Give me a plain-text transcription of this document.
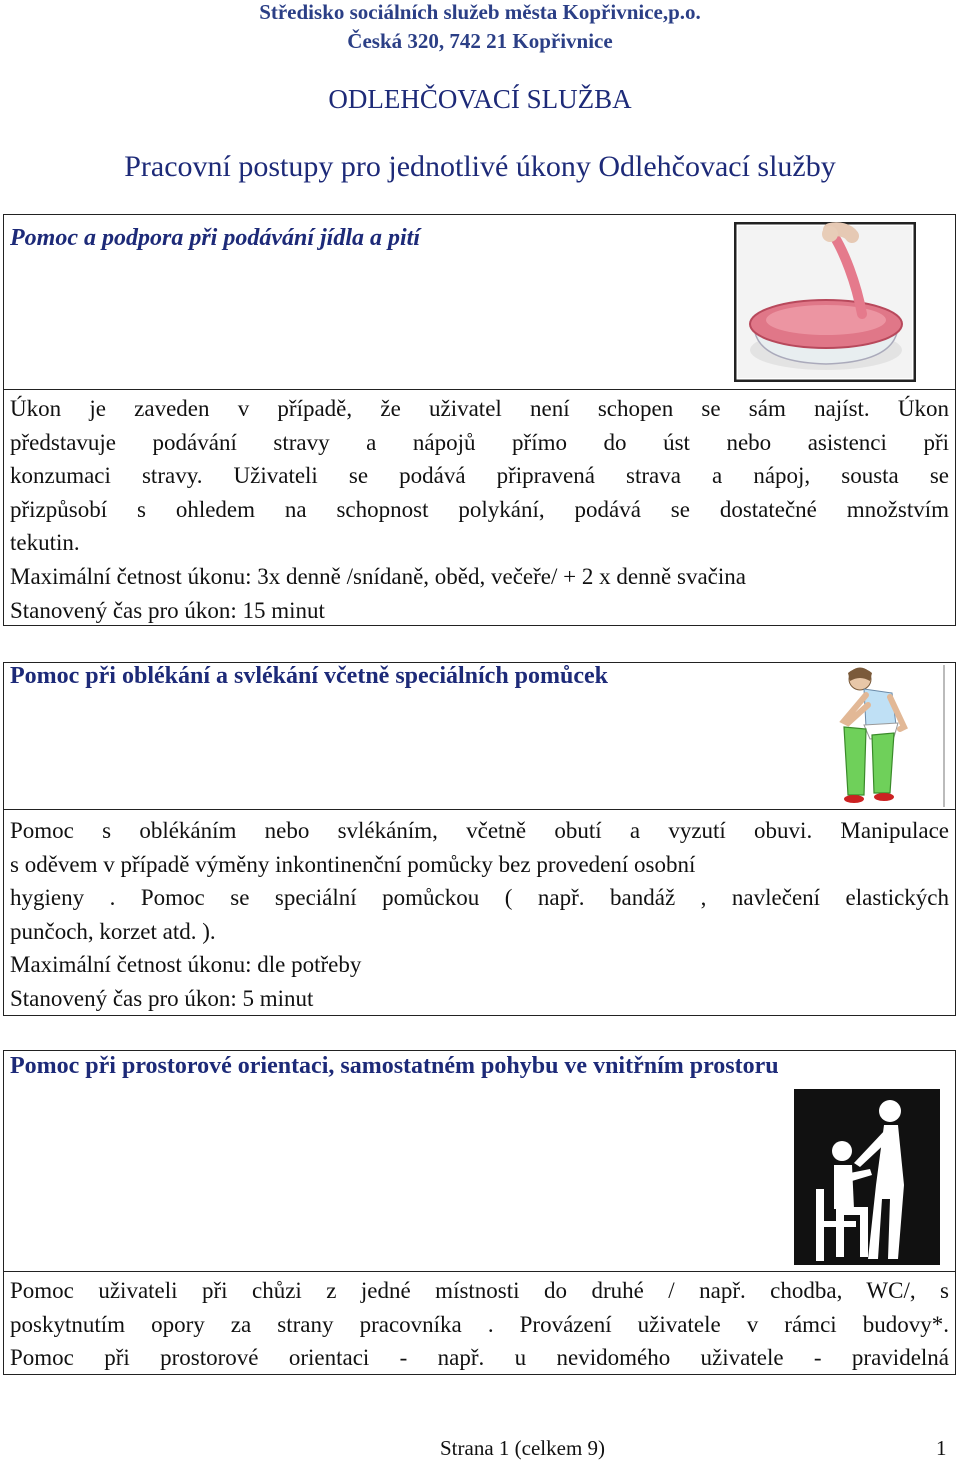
Středisko sociálních služeb města Kopřivnice,p.o.
Česká 320, 742 21 Kopřivnice
ODLEHČOVACÍ SLUŽBA
Pracovní postupy pro jednotlivé úkony Odlehčovací služby
Pomoc a podpora při podávání jídla a pití

Úkon je zaveden v případě, že uživatel není schopen se sám najíst. Úkon

představuje podávání stravy a nápojů přímo do úst nebo asistenci při

konzumaci stravy. Uživateli se podává připravená strava a nápoj, sousta se

přizpůsobí s ohledem na schopnost polykání, podává se dostatečné množstvím

tekutin.

Maximální četnost úkonu: 3x denně /snídaně, oběd, večeře/ + 2 x denně svačina

Stanovený čas pro úkon: 15 minut

Pomoc při oblékání a svlékání včetně speciálních pomůcek

Pomoc s oblékáním nebo svlékáním, včetně obutí a vyzutí obuvi. Manipulace

s oděvem v případě výměny inkontinenční pomůcky bez provedení osobní

hygieny . Pomoc se speciální pomůckou ( např. bandáž , navlečení elastických

punčoch, korzet atd. ).

Maximální četnost úkonu: dle potřeby

Stanovený čas pro úkon: 5 minut

Pomoc při prostorové orientaci, samostatném pohybu ve vnitřním prostoru

Pomoc uživateli při chůzi z jedné místnosti do druhé / např. chodba, WC/, s

poskytnutím opory za strany pracovníka . Provázení uživatele v rámci budovy*.

Pomoc při prostorové orientaci - např. u nevidomého uživatele - pravidelná

Strana 1 (celkem 9)	1
